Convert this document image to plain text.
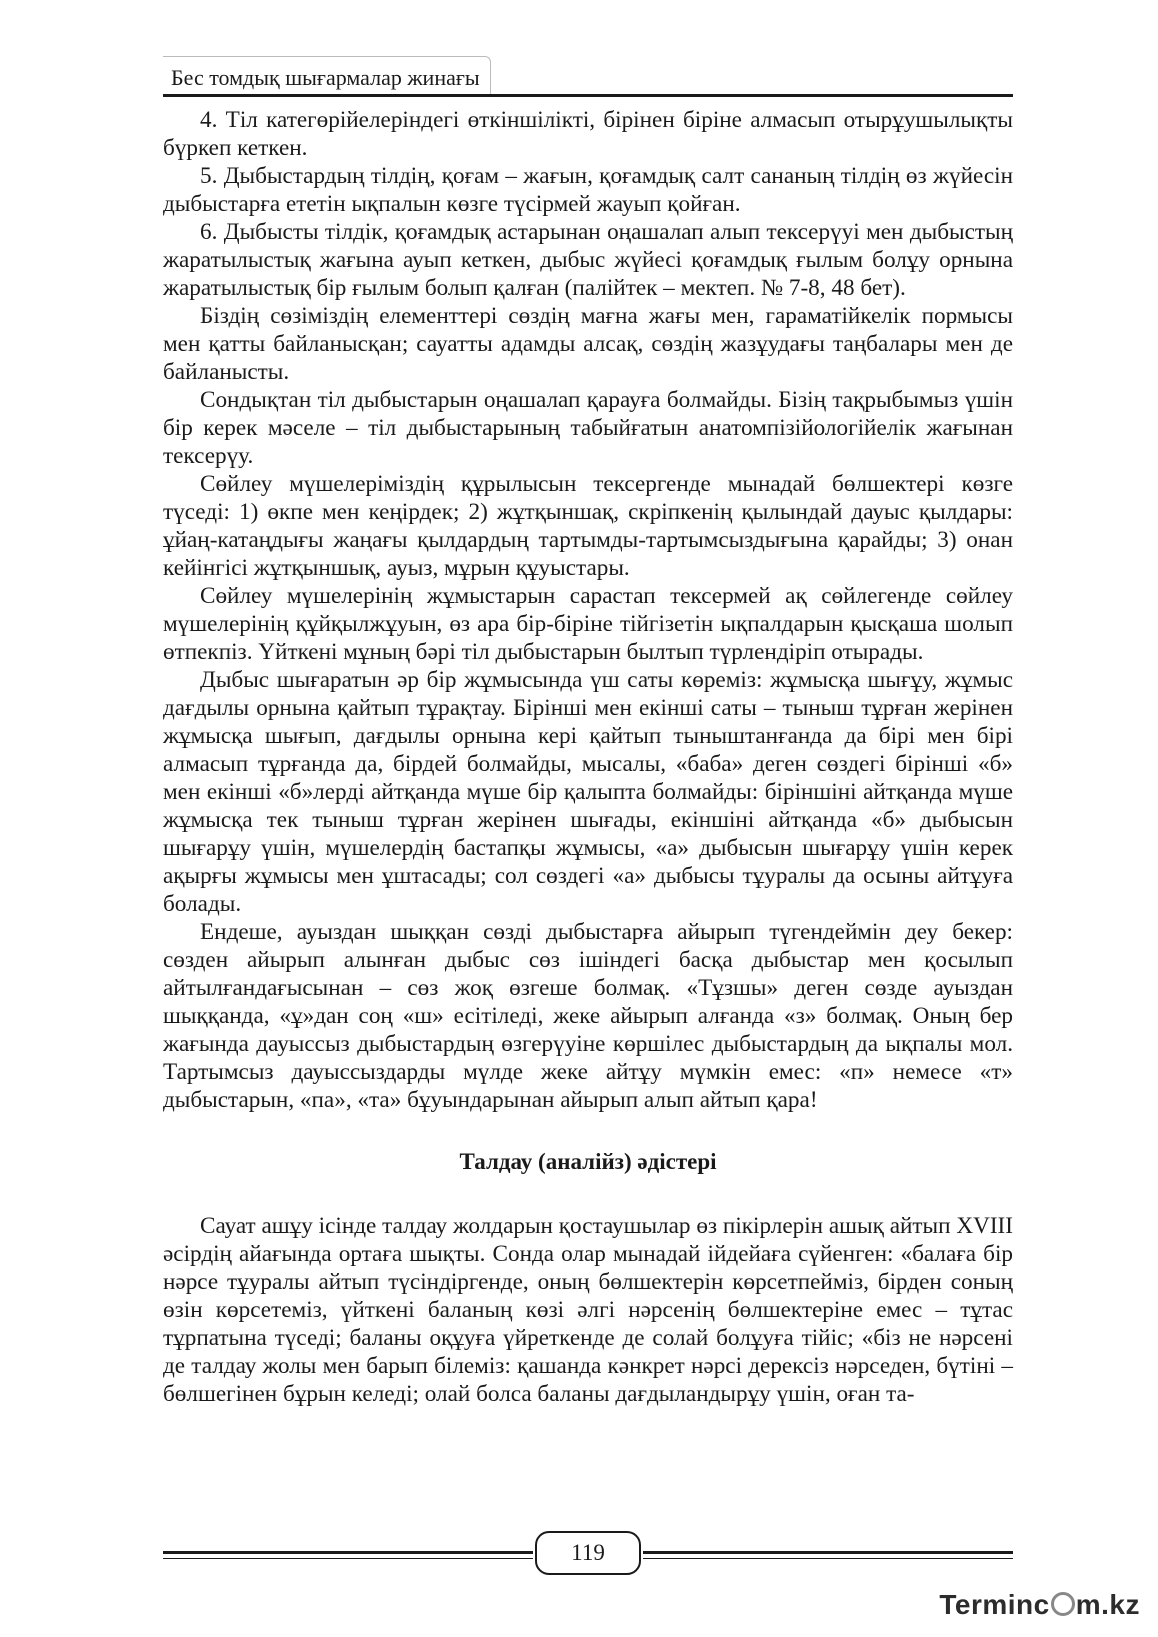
Бес томдық шығармалар жинағы

4. Тіл категөрійелеріндегі өткіншілікті, бірінен біріне алмасып отырұушылықты бүркеп кеткен.

5. Дыбыстардың тілдің, қоғам – жағын, қоғамдық салт сананың тілдің өз жүйесін дыбыстарға ететін ықпалын көзге түсірмей жауып қойған.

6. Дыбысты тілдік, қоғамдық астарынан оңашалап алып тексерүуі мен дыбыстың жаратылыстық жағына ауып кеткен, дыбыс жүйесі қоғамдық ғылым болұу орнына жаратылыстық бір ғылым болып қалған (палійтек – мектеп. № 7-8, 48 бет).

Біздің сөзіміздің елементтері сөздің мағна жағы мен, гараматійкелік пормысы мен қатты байланысқан; сауатты адамды алсақ, сөздің жазұудағы таңбалары мен де байланысты.

Сондықтан тіл дыбыстарын оңашалап қарауға болмайды. Бізің тақрыбымыз үшін бір керек мәселе – тіл дыбыстарының табыйғатын анатомпізійологійелік жағынан тексерүу.

Сөйлеу мүшелеріміздің құрылысын тексергенде мынадай бөлшектері көзге түседі: 1) өкпе мен кеңірдек; 2) жұтқыншақ, скріпкенің қылындай дауыс қылдары: ұйаң-катаңдығы жаңағы қылдардың тартымды-тартымсыздығына қарайды; 3) онан кейінгісі жұтқыншық, ауыз, мұрын құуыстары.

Сөйлеу мүшелерінің жұмыстарын сарастап тексермей ақ сөйлегенде сөйлеу мүшелерінің құйқылжұуын, өз ара бір-біріне тійгізетін ықпалдарын қысқаша шолып өтпекпіз. Үйткені мұның бәрі тіл дыбыстарын былтып түрлендіріп отырады.

Дыбыс шығаратын әр бір жұмысында үш саты көреміз: жұмысқа шығұу, жұмыс дағдылы орнына қайтып тұрақтау. Бірінші мен екінші саты – тыныш тұрған жерінен жұмысқа шығып, дағдылы орнына кері қайтып тыныштанғанда да бірі мен бірі алмасып тұрғанда да, бірдей болмайды, мысалы, «баба» деген сөздегі бірінші «б» мен екінші «б»лерді айтқанда мүше бір қалыпта болмайды: біріншіні айтқанда мүше жұмысқа тек тыныш тұрған жерінен шығады, екіншіні айтқанда «б» дыбысын шығарұу үшін, мүшелердің бастапқы жұмысы, «а» дыбысын шығарұу үшін керек ақырғы жұмысы мен ұштасады; сол сөздегі «а» дыбысы тұуралы да осыны айтұуға болады.

Ендеше, ауыздан шыққан сөзді дыбыстарға айырып түгендеймін деу бекер: сөзден айырып алынған дыбыс сөз ішіндегі басқа дыбыстар мен қосылып айтылғандағысынан – сөз жоқ өзгеше болмақ. «Тұзшы» деген сөзде ауыздан шыққанда, «ұ»дан соң «ш» есітіледі, жеке айырып алғанда «з» болмақ. Оның бер жағында дауыссыз дыбыстардың өзгерүуіне көршілес дыбыстардың да ықпалы мол. Тартымсыз дауыссыздарды мүлде жеке айтұу мүмкін емес: «п» немесе «т» дыбыстарын, «па», «та» бұуындарынан айырып алып айтып қара!

Талдау (аналійз) әдістері

Сауат ашұу ісінде талдау жолдарын қостаушылар өз пікірлерін ашық айтып XVIII әсірдің айағында ортаға шықты. Сонда олар мынадай ійдейаға сүйенген: «балаға бір нәрсе тұуралы айтып түсіндіргенде, оның бөлшектерін көрсетпейміз, бірден соның өзін көрсетеміз, үйткені баланың көзі әлгі нәрсенің бөлшектеріне емес – тұтас тұрпатына түседі; баланы оқұуға үйреткенде де солай болұуға тійіс; «біз не нәрсені де талдау жолы мен барып білеміз: қашанда кәнкрет нәрсі дерексіз нәрседен, бүтіні – бөлшегінен бұрын келеді; олай болса баланы дағдыландырұу үшін, оған та-

119
Terminc m.kz
